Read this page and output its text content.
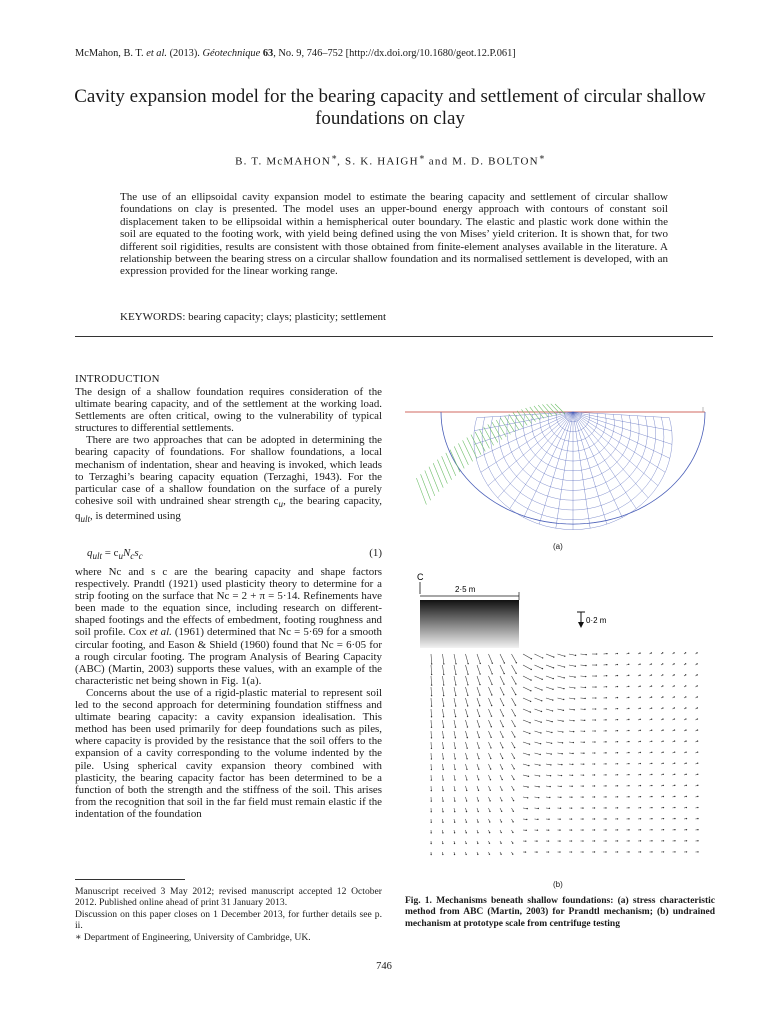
McMahon, B. T. et al. (2013). Géotechnique 63, No. 9, 746–752 [http://dx.doi.org/10.1680/geot.12.P.061]
Cavity expansion model for the bearing capacity and settlement of circular shallow foundations on clay
B. T. McMAHON∗, S. K. HAIGH∗ and M. D. BOLTON∗
The use of an ellipsoidal cavity expansion model to estimate the bearing capacity and settlement of circular shallow foundations on clay is presented. The model uses an upper-bound energy approach with contours of constant soil displacement taken to be ellipsoidal within a hemispherical outer boundary. The elastic and plastic work done within the soil are equated to the footing work, with yield being defined using the von Mises’ yield criterion. It is shown that, for two different soil rigidities, results are consistent with those obtained from finite-element analyses available in the literature. A relationship between the bearing stress on a circular shallow foundation and its normalised settlement is developed, with an expression provided for the linear working range.
KEYWORDS: bearing capacity; clays; plasticity; settlement
INTRODUCTION

The design of a shallow foundation requires consideration of the ultimate bearing capacity, and of the settlement at the working load. Settlements are often critical, owing to the vulnerability of typical structures to differential settlements.

There are two approaches that can be adopted in determining the bearing capacity of foundations. For shallow foundations, a local mechanism of indentation, shear and heaving is invoked, which leads to Terzaghi’s bearing capacity equation (Terzaghi, 1943). For the particular case of a shallow foundation on the surface of a purely cohesive soil with undrained shear strength $c_u$, the bearing capacity, $q_{ult}$, is determined using

$q_{ult} = c_uN_cs_c$	(1)

where Nc and s c are the bearing capacity and shape factors respectively. Prandtl (1921) used plasticity theory to determine for a strip footing on the surface that Nc = 2 + π = 5·14. Refinements have been made to the equation since, including research on different-shaped footings and the effects of embedment, footing roughness and soil profile. Cox et al. (1961) determined that Nc = 5·69 for a smooth circular footing, and Eason & Shield (1960) found that Nc = 6·05 for a rough circular footing. The program Analysis of Bearing Capacity (ABC) (Martin, 2003) supports these values, with an example of the characteristic net being shown in Fig. 1(a).

Concerns about the use of a rigid-plastic material to represent soil led to the second approach for determining foundation stiffness and ultimate bearing capacity: a cavity expansion idealisation. This method has been used primarily for deep foundations such as piles, where capacity is provided by the resistance that the soil offers to the expansion of a cavity corresponding to the volume indented by the pile. Using spherical cavity expansion theory combined with plasticity, the bearing capacity factor has been determined to be a function of both the strength and the stiffness of the soil. This arises from the recognition that soil in the far field must remain elastic if the indentation of the foundation

Manuscript received 3 May 2012; revised manuscript accepted 12 October 2012. Published online ahead of print 31 January 2013.

Discussion on this paper closes on 1 December 2013, for further details see p. ii.

∗ Department of Engineering, University of Cambridge, UK.

(a)
C
2·5 m
0·2 m
(b)
Fig. 1. Mechanisms beneath shallow foundations: (a) stress characteristic method from ABC (Martin, 2003) for Prandtl mechanism; (b) undrained mechanism at prototype scale from centrifuge testing
746
